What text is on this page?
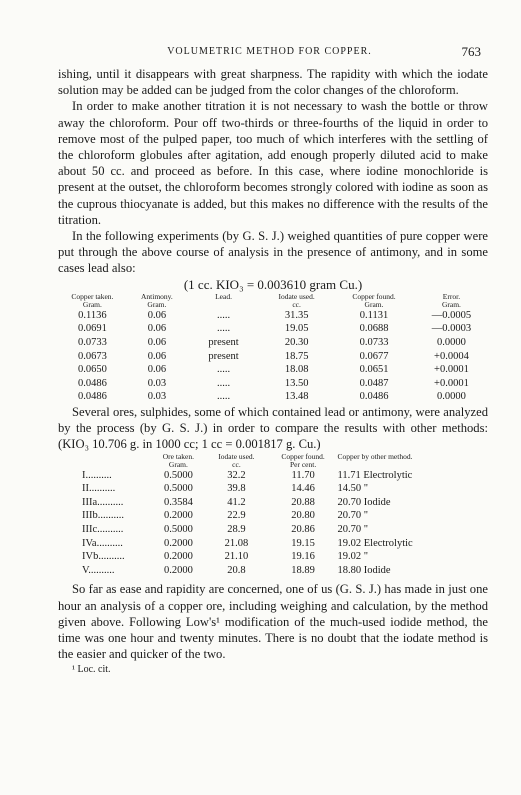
VOLUMETRIC METHOD FOR COPPER.	763

ishing, until it disappears with great sharpness. The rapidity with which the iodate solution may be added can be judged from the color changes of the chloroform.

In order to make another titration it is not necessary to wash the bottle or throw away the chloroform. Pour off two-thirds or three-fourths of the liquid in order to remove most of the pulped paper, too much of which interferes with the settling of the chloroform globules after agitation, add enough properly diluted acid to make about 50 cc. and proceed as before. In this case, where iodine monochloride is present at the outset, the chloroform becomes strongly colored with iodine as soon as the cuprous thiocyanate is added, but this makes no difference with the results of the titration.

In the following experiments (by G. S. J.) weighed quantities of pure copper were put through the above course of analysis in the presence of antimony, and in some cases lead also:

(1 cc. KIO₃ = 0.003610 gram Cu.)

Copper taken.	Antimony.	Lead.	Iodate used.	Copper found.	Error.
Gram.	Gram.		cc.	Gram.	Gram.
0.1136	0.06	.....	31.35	0.1131	—0.0005
0.0691	0.06	.....	19.05	0.0688	—0.0003
0.0733	0.06	present	20.30	0.0733	0.0000
0.0673	0.06	present	18.75	0.0677	+0.0004
0.0650	0.06	.....	18.08	0.0651	+0.0001
0.0486	0.03	.....	13.50	0.0487	+0.0001
0.0486	0.03	.....	13.48	0.0486	0.0000

Several ores, sulphides, some of which contained lead or antimony, were analyzed by the process (by G. S. J.) in order to compare the results with other methods: (KIO₃ 10.706 g. in 1000 cc; 1 cc = 0.001817 g. Cu.)

	Ore taken.	Iodate used.	Copper found.	Copper by other method.
	Gram.	cc.	Per cent.	
I..........	0.5000	32.2	11.70	11.71 Electrolytic
II..........	0.5000	39.8	14.46	14.50 "
IIIa..........	0.3584	41.2	20.88	20.70 Iodide
IIIb..........	0.2000	22.9	20.80	20.70 "
IIIc..........	0.5000	28.9	20.86	20.70 "
IVa..........	0.2000	21.08	19.15	19.02 Electrolytic
IVb..........	0.2000	21.10	19.16	19.02 "
V..........	0.2000	20.8	18.89	18.80 Iodide

So far as ease and rapidity are concerned, one of us (G. S. J.) has made in just one hour an analysis of a copper ore, including weighing and calculation, by the method given above. Following Low's¹ modification of the much-used iodide method, the time was one hour and twenty minutes. There is no doubt that the iodate method is the easier and quicker of the two.

¹ Loc. cit.
